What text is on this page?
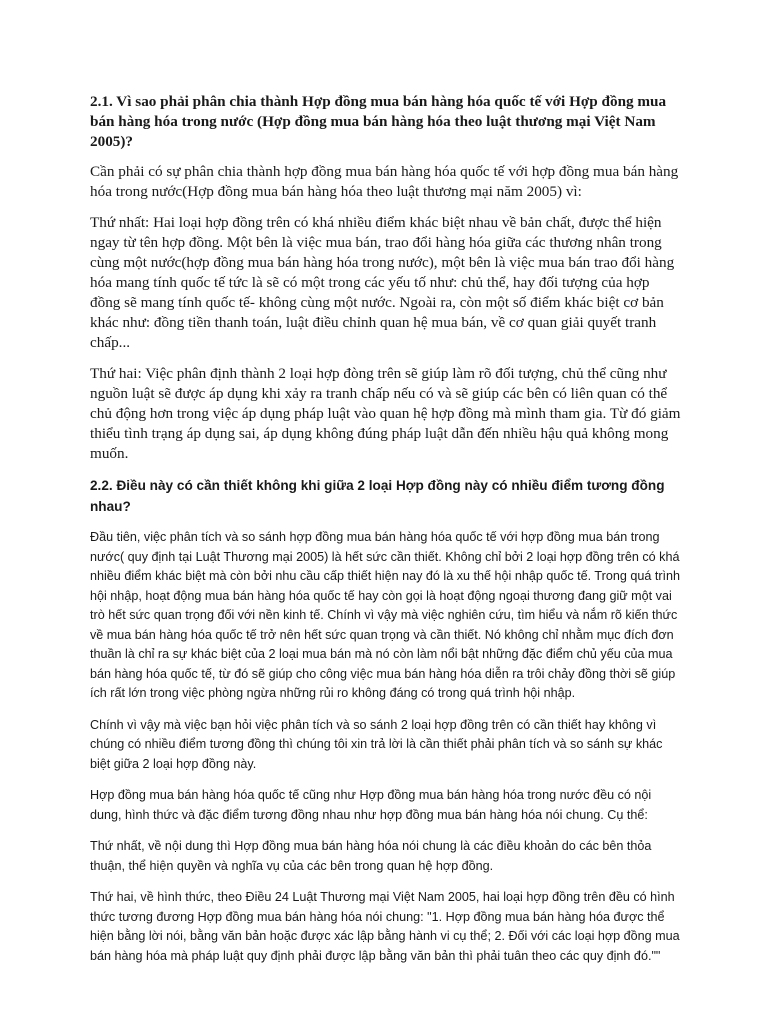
2.1. Vì sao phải phân chia thành Hợp đồng mua bán hàng hóa quốc tế với Hợp đồng mua bán hàng hóa trong nước (Hợp đồng mua bán hàng hóa theo luật thương mại Việt Nam 2005)?

Cần phải có sự phân chia thành hợp đồng mua bán hàng hóa quốc tế với hợp đồng mua bán hàng hóa trong nước(Hợp đồng mua bán hàng hóa theo luật thương mại năm 2005) vì:

Thứ nhất: Hai loại hợp đồng trên có khá nhiều điểm khác biệt nhau về bản chất, được thể hiện ngay từ tên hợp đồng. Một bên là việc mua bán, trao đổi hàng hóa giữa các thương nhân trong cùng một nước(hợp đồng mua bán hàng hóa trong nước), một bên là việc mua bán trao đổi hàng hóa mang tính quốc tế tức là sẽ có một trong các yếu tố như: chủ thể, hay đối tượng của hợp đồng sẽ mang tính quốc tế- không cùng một nước. Ngoài ra, còn một số điểm khác biệt cơ bản khác như: đồng tiền thanh toán, luật điều chỉnh quan hệ mua bán, về cơ quan giải quyết tranh chấp...

Thứ hai: Việc phân định thành 2 loại hợp đòng trên sẽ giúp làm rõ đối tượng, chủ thể cũng như nguồn luật sẽ được áp dụng khi xảy ra tranh chấp nếu có và sẽ giúp các bên có liên quan có thể chủ động hơn trong việc áp dụng pháp luật vào quan hệ hợp đồng mà mình tham gia. Từ đó giảm thiểu tình trạng áp dụng sai, áp dụng không đúng pháp luật dẫn đến nhiều hậu quả không mong muốn.

2.2. Điều này có cần thiết không khi giữa 2 loại Hợp đồng này có nhiều điểm tương đồng nhau?

Đầu tiên, việc phân tích và so sánh hợp đồng mua bán hàng hóa quốc tế với hợp đồng mua bán trong nước( quy định tại Luật Thương mại 2005) là hết sức cần thiết. Không chỉ bởi 2 loại hợp đồng trên có khá nhiều điểm khác biệt mà còn bởi nhu cầu cấp thiết hiện nay đó là xu thế hội nhập quốc tế. Trong quá trình hội nhập, hoạt động mua bán hàng hóa quốc tế hay còn gọi là hoạt động ngoại thương đang giữ một vai trò hết sức quan trọng đối với nền kinh tế. Chính vì vậy mà việc nghiên cứu, tìm hiểu và nắm rõ kiến thức về mua bán hàng hóa quốc tế trở nên hết sức quan trọng và cần thiết. Nó không chỉ nhằm mục đích đơn thuần là chỉ ra sự khác biệt của 2 loại mua bán mà nó còn làm nổi bật những đặc điểm chủ yếu của mua bán hàng hóa quốc tế, từ đó sẽ giúp cho công việc mua bán hàng hóa diễn ra trôi chảy đồng thời sẽ giúp ích rất lớn trong việc phòng ngừa những rủi ro không đáng có trong quá trình hội nhập.

Chính vì vậy mà việc bạn hỏi việc phân tích và so sánh 2 loại hợp đồng trên có cần thiết hay không vì chúng có nhiều điểm tương đồng thì chúng tôi xin trả lời là cần thiết phải phân tích và so sánh sự khác biệt giữa 2 loại hợp đồng này.

Hợp đồng mua bán hàng hóa quốc tế cũng như Hợp đồng mua bán hàng hóa trong nước đều có nội dung, hình thức và đặc điểm tương đồng nhau như hợp đồng mua bán hàng hóa nói chung. Cụ thể:

Thứ nhất, về nội dung thì Hợp đồng mua bán hàng hóa nói chung là các điều khoản do các bên thỏa thuận, thể hiện quyền và nghĩa vụ của các bên trong quan hệ hợp đồng.

Thứ hai, về hình thức, theo Điều 24 Luật Thương mại Việt Nam 2005, hai loại hợp đồng trên đều có hình thức tương đương Hợp đồng mua bán hàng hóa nói chung: "1. Hợp đồng mua bán hàng hóa được thể hiện bằng lời nói, bằng văn bản hoặc được xác lập bằng hành vi cụ thể; 2. Đối với các loại hợp đồng mua bán hàng hóa mà pháp luật quy định phải được lập bằng văn bản thì phải tuân theo các quy định đó.""
